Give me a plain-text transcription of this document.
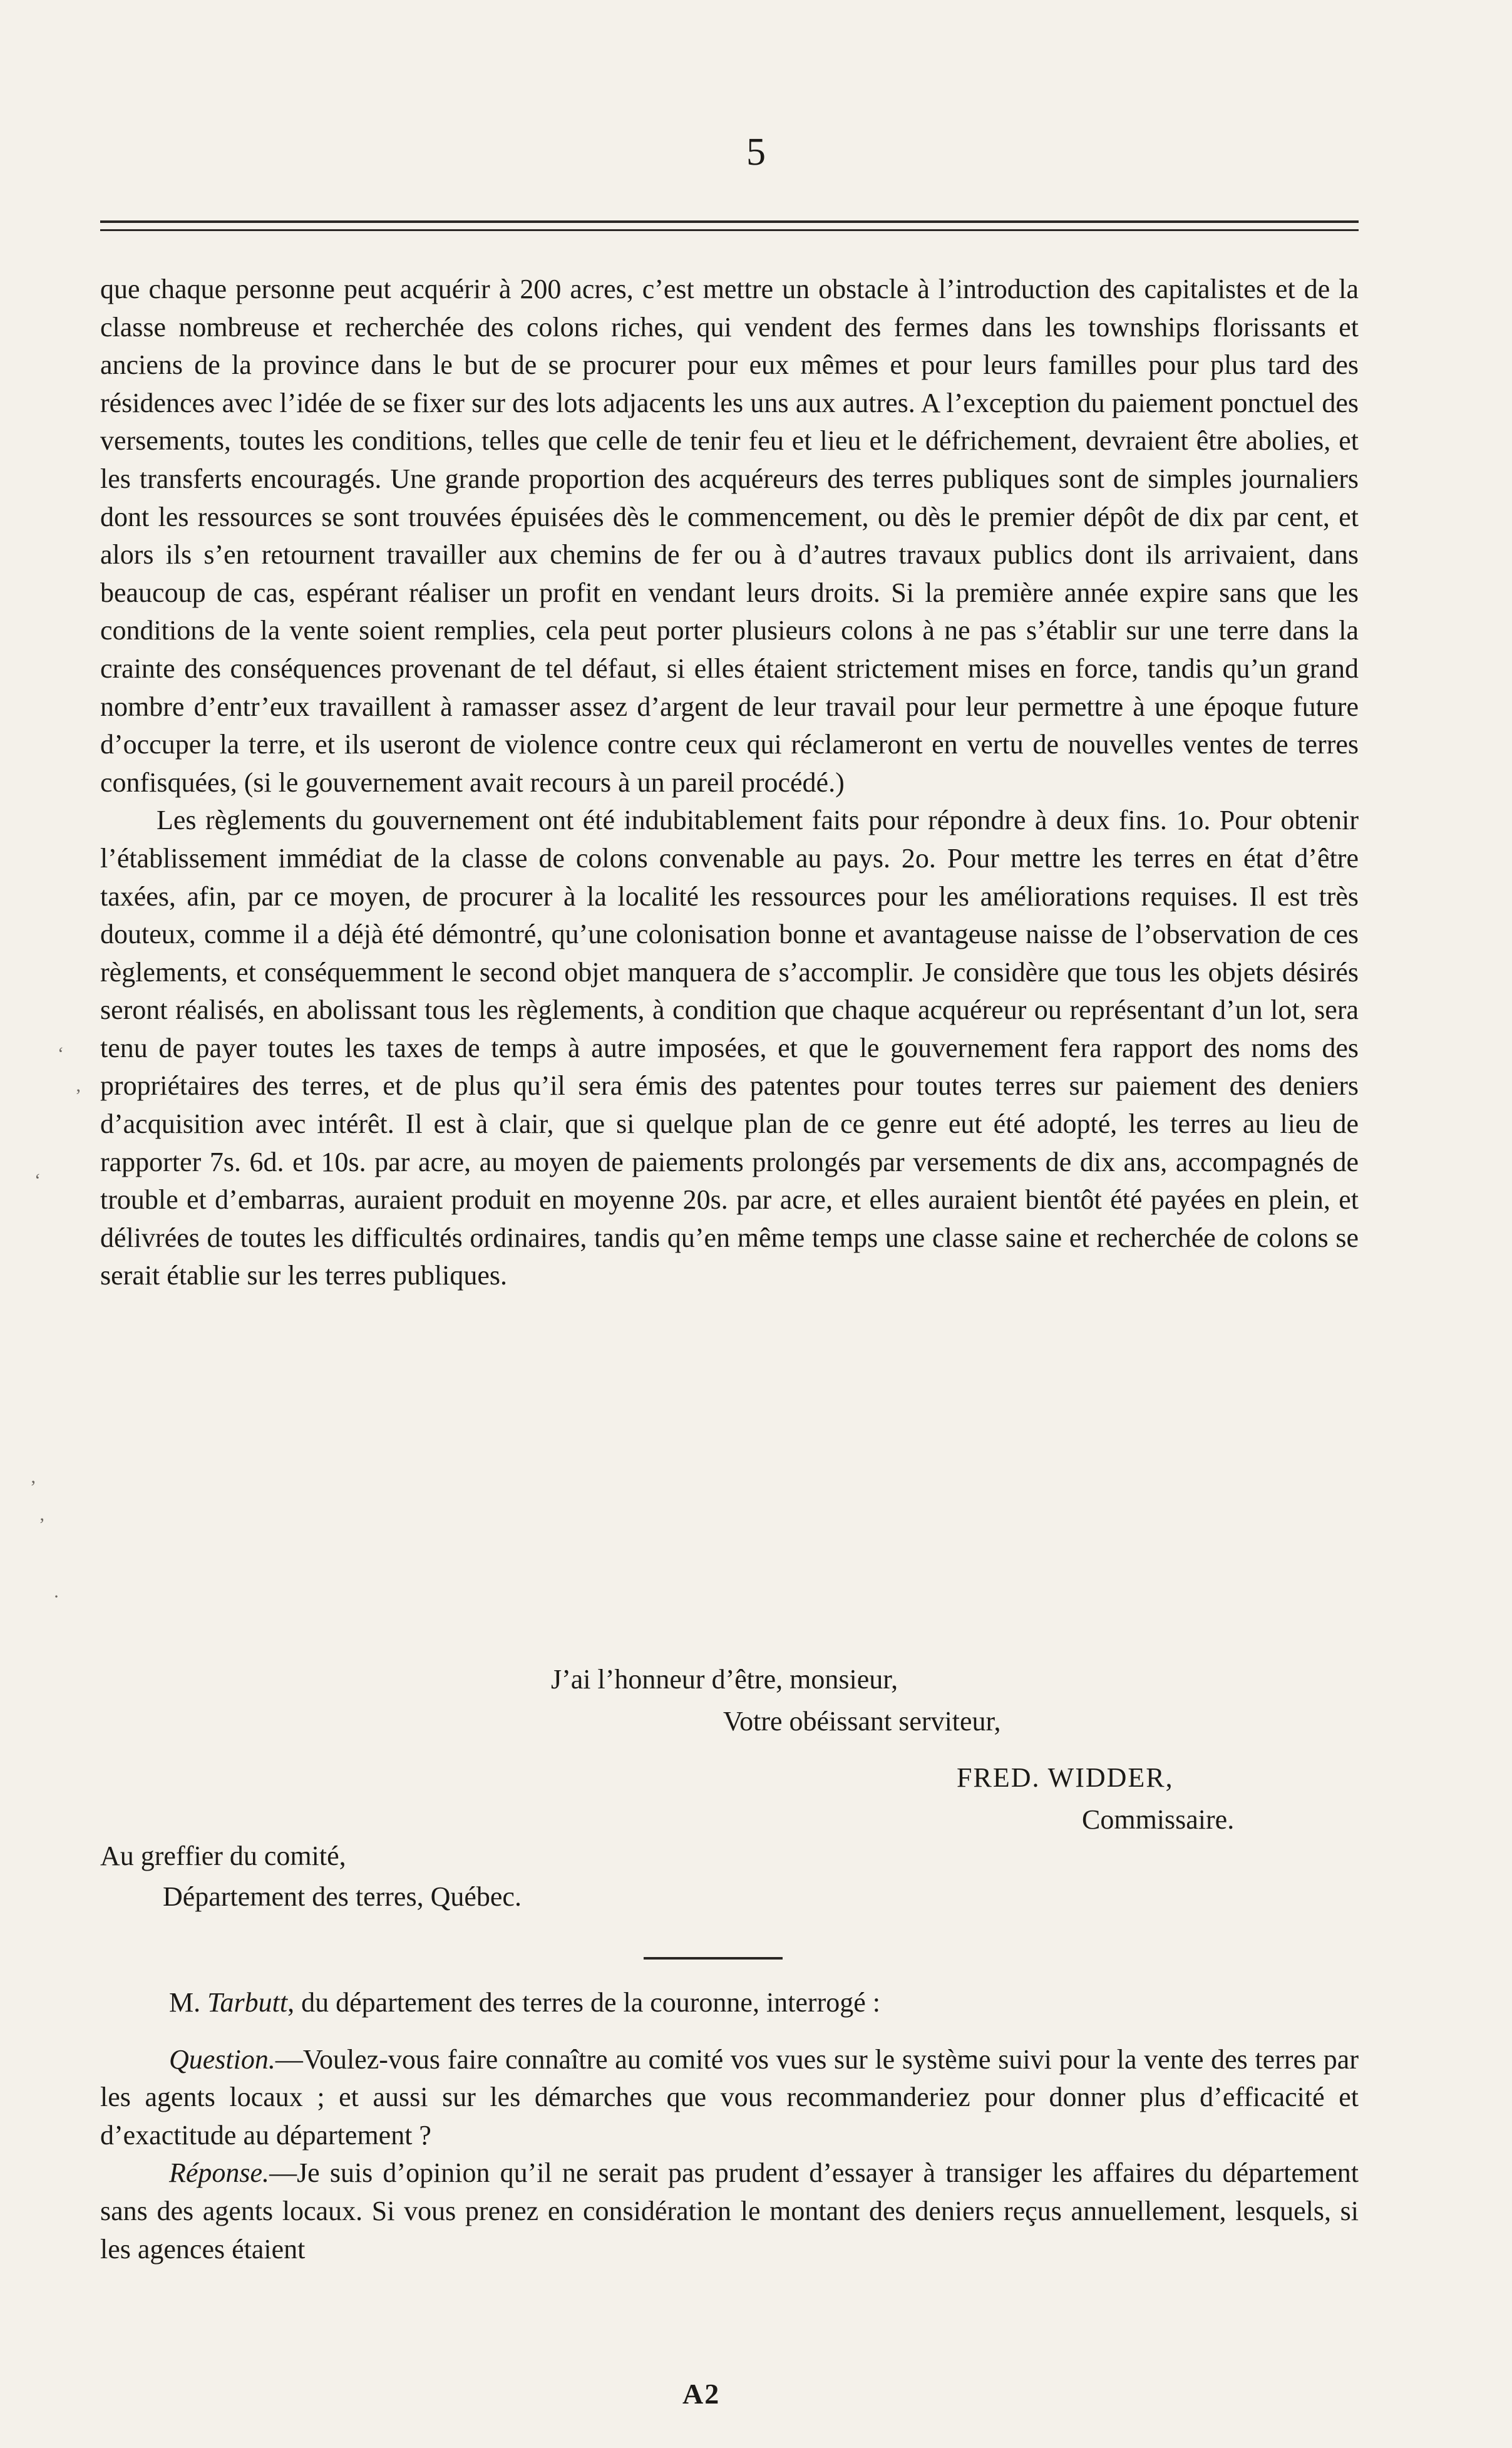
5

que chaque personne peut acquérir à 200 acres, c’est mettre un obstacle à l’introduction des capitalistes et de la classe nombreuse et recherchée des colons riches, qui vendent des fermes dans les townships florissants et anciens de la province dans le but de se procurer pour eux mêmes et pour leurs familles pour plus tard des résidences avec l’idée de se fixer sur des lots adjacents les uns aux autres. A l’exception du paiement ponctuel des versements, toutes les conditions, telles que celle de tenir feu et lieu et le défrichement, devraient être abolies, et les transferts encouragés. Une grande proportion des acquéreurs des terres publiques sont de simples journaliers dont les ressources se sont trouvées épuisées dès le commencement, ou dès le premier dépôt de dix par cent, et alors ils s’en retournent travailler aux chemins de fer ou à d’autres travaux publics dont ils arrivaient, dans beaucoup de cas, espérant réaliser un profit en vendant leurs droits. Si la première année expire sans que les conditions de la vente soient remplies, cela peut porter plusieurs colons à ne pas s’établir sur une terre dans la crainte des conséquences provenant de tel défaut, si elles étaient strictement mises en force, tandis qu’un grand nombre d’entr’eux travaillent à ramasser assez d’argent de leur travail pour leur permettre à une époque future d’occuper la terre, et ils useront de violence contre ceux qui réclameront en vertu de nouvelles ventes de terres confisquées, (si le gouvernement avait recours à un pareil procédé.)

Les règlements du gouvernement ont été indubitablement faits pour répondre à deux fins. 1o. Pour obtenir l’établissement immédiat de la classe de colons convenable au pays. 2o. Pour mettre les terres en état d’être taxées, afin, par ce moyen, de procurer à la localité les ressources pour les améliorations requises. Il est très douteux, comme il a déjà été démontré, qu’une colonisation bonne et avantageuse naisse de l’observation de ces règlements, et conséquemment le second objet manquera de s’accomplir. Je considère que tous les objets désirés seront réalisés, en abolissant tous les règlements, à condition que chaque acquéreur ou représentant d’un lot, sera tenu de payer toutes les taxes de temps à autre imposées, et que le gouvernement fera rapport des noms des propriétaires des terres, et de plus qu’il sera émis des patentes pour toutes terres sur paiement des deniers d’acquisition avec intérêt. Il est à clair, que si quelque plan de ce genre eut été adopté, les terres au lieu de rapporter 7s. 6d. et 10s. par acre, au moyen de paiements prolongés par versements de dix ans, accompagnés de trouble et d’embarras, auraient produit en moyenne 20s. par acre, et elles auraient bientôt été payées en plein, et délivrées de toutes les difficultés ordinaires, tandis qu’en même temps une classe saine et recherchée de colons se serait établie sur les terres publiques.

J’ai l’honneur d’être, monsieur,
Votre obéissant serviteur,
FRED. WIDDER,
Commissaire.
Au greffier du comité,
Département des terres, Québec.

M. Tarbutt, du département des terres de la couronne, interrogé :

Question.—Voulez-vous faire connaître au comité vos vues sur le système suivi pour la vente des terres par les agents locaux ; et aussi sur les démarches que vous recommanderiez pour donner plus d’efficacité et d’exactitude au département ?

Réponse.—Je suis d’opinion qu’il ne serait pas prudent d’essayer à transiger les affaires du département sans des agents locaux. Si vous prenez en considération le montant des deniers reçus annuellement, lesquels, si les agences étaient

A2
‘
’
‘
’
’
·
